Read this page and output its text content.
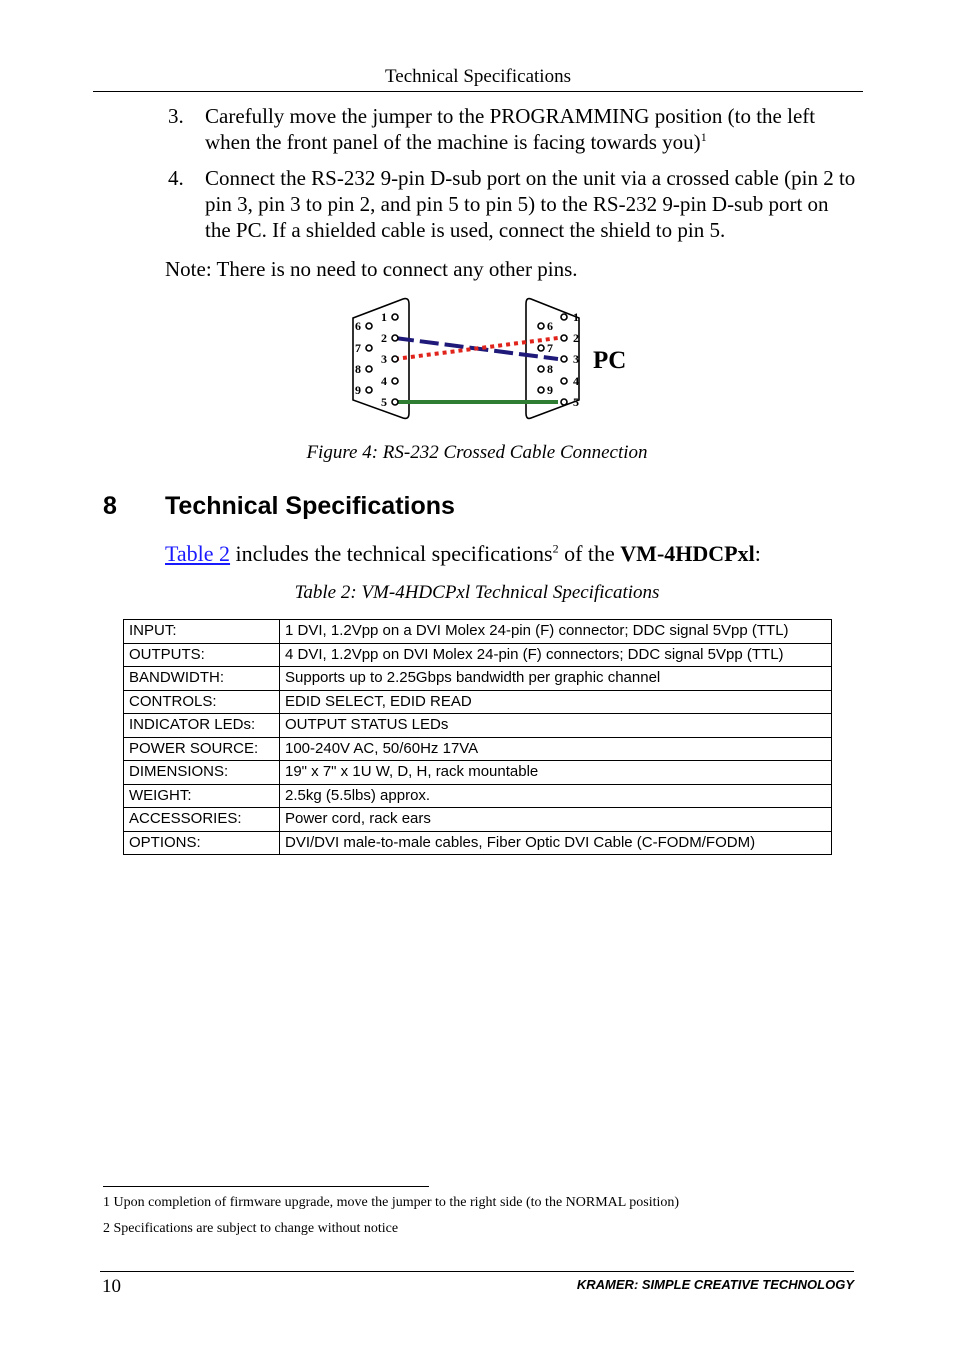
Technical Specifications
3. Carefully move the jumper to the PROGRAMMING position (to the left when the front panel of the machine is facing towards you)$^1$
4. Connect the RS-232 9-pin D-sub port on the unit via a crossed cable (pin 2 to pin 3, pin 3 to pin 2, and pin 5 to pin 5) to the RS-232 9-pin D-sub port on the PC. If a shielded cable is used, connect the shield to pin 5.
Note: There is no need to connect any other pins.
1
2
3
4
5
6
7
8
9
1
2
3
4
5
6
7
8
9
PC
Figure 4: RS-232 Crossed Cable Connection
8 Technical Specifications
Table 2 includes the technical specifications$^2$ of the VM-4HDCPxl:
Table 2: VM-4HDCPxl Technical Specifications
INPUT:	1 DVI, 1.2Vpp on a DVI Molex 24-pin (F) connector; DDC signal 5Vpp (TTL)
OUTPUTS:	4 DVI, 1.2Vpp on DVI Molex 24-pin (F) connectors; DDC signal 5Vpp (TTL)
BANDWIDTH:	Supports up to 2.25Gbps bandwidth per graphic channel
CONTROLS:	EDID SELECT, EDID READ
INDICATOR LEDs:	OUTPUT STATUS LEDs
POWER SOURCE:	100-240V AC, 50/60Hz 17VA
DIMENSIONS:	19" x 7" x 1U W, D, H, rack mountable
WEIGHT:	2.5kg (5.5lbs) approx.
ACCESSORIES:	Power cord, rack ears
OPTIONS:	DVI/DVI male-to-male cables, Fiber Optic DVI Cable (C-FODM/FODM)
1 Upon completion of firmware upgrade, move the jumper to the right side (to the NORMAL position)
2 Specifications are subject to change without notice
10	KRAMER: SIMPLE CREATIVE TECHNOLOGY
